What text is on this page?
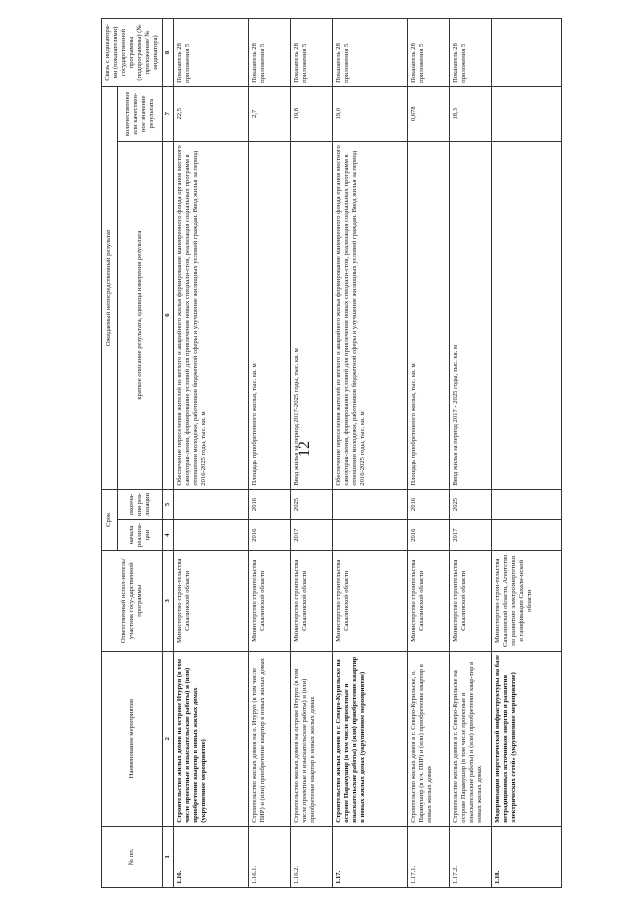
12
№ пп.	Наименование мероприятия	Ответственный испол-нитель/участник госу-дарственной программы	Срок		Ожидаемый непосредственный результат		Связь с индикатора-ми (показателями) государственной программы (подпрограммы) (№ приложения/ № индикатора)
			начала реализа-ции	оконча-ния реа-лизации	краткое описание результата, единица измерения результата	количественное или качествен-ное значение результата	
1	2	3	4	5	6	7	8
1.16.	Строительство жилых домов на острове Итуруп (в том числе проектные и изыскательские работы) и (или) приобретение квартир в новых жилых домах (укрупненное мероприятие)	Министерство строи-тельства Сахалинской области			Обеспечение переселения жителей из ветхого и аварийного жилья формирование маневренного фонда органов местного самоуправ-ления, формирование условий для привлечения новых специали-стов, реализация социальных программ в отношении молодежи, работников бюджетной сферы и улучшение жилищных условий граждан. Ввод жилья за период 2016-2025 годы, тыс. кв. м	22,5	Показатель 28 приложения 5
1.16.1.	Строительство жилых домов на о. Итуруп (в том числе ПИР) и (или) приобретение квартир в новых жилых домах	Министерство строительства Сахалинской области	2016	2016	Площадь приобретенного жилья, тыс. кв. м	2,7	Показатель 28 приложения 5
1.16.2.	Строительство жилых домов на острове Итуруп (в том числе проектные и изыскательские работы) и (или) приобретение квартир в новых жилых домах	Министерство строительства Сахалинской области	2017	2025	Ввод жилья за период 2017-2025 годы, тыс. кв. м	19,8	Показатель 28 приложения 5
1.17.	Строительство жилых домов в г. Северо-Курильске на острове Парамушир (в том числе проектные и изыскательские работы) и (или) приобретение квартир в новых жилых домах (укрупненное мероприятие)	Министерство строительства Сахалинской области			Обеспечение переселения жителей из ветхого и аварийного жилья формирование маневренного фонда органов местного самоуправ-ления, формирование условий для привлечения новых специали-стов, реализация социальных программ в отношении молодежи, работников бюджетной сферы и улучшение жилищных условий граждан. Ввод жилья за период 2016-2025 годы, тыс. кв. м	19,0	Показатель 28 приложения 5
1.17.1.	Строительство жилых домов в г. Северо-Курильске, о. Парамушир (в т.ч. ПИР) и (или) приобретение квартир в новых жилых домах	Министерство строительства Сахалинской области	2016	2016	Площадь приобретенного жилья, тыс. кв. м	0,678	Показатель 28 приложения 5
1.17.2.	Строительство жилых домов в г. Северо-Курильске на острове Парамушир (в том числе проектные и изыскательские работы) и (или) приобретение квар-тир в новых жилых домах	Министерство строительства Сахалинской области	2017	2025	Ввод жилья за период 2017 - 2025 годы, тыс. кв. м	18,3	Показатель 28 приложения 5
1.18.	Модернизация энергетической инфраструктуры на базе нетрадиционных источников энергии и развития электрических сетей» (укрупненное мероприятие)	Министерство строи-тельства Сахалинской области, Агентство по развитию электроэнергетики и газификации Сахали-нской области					
